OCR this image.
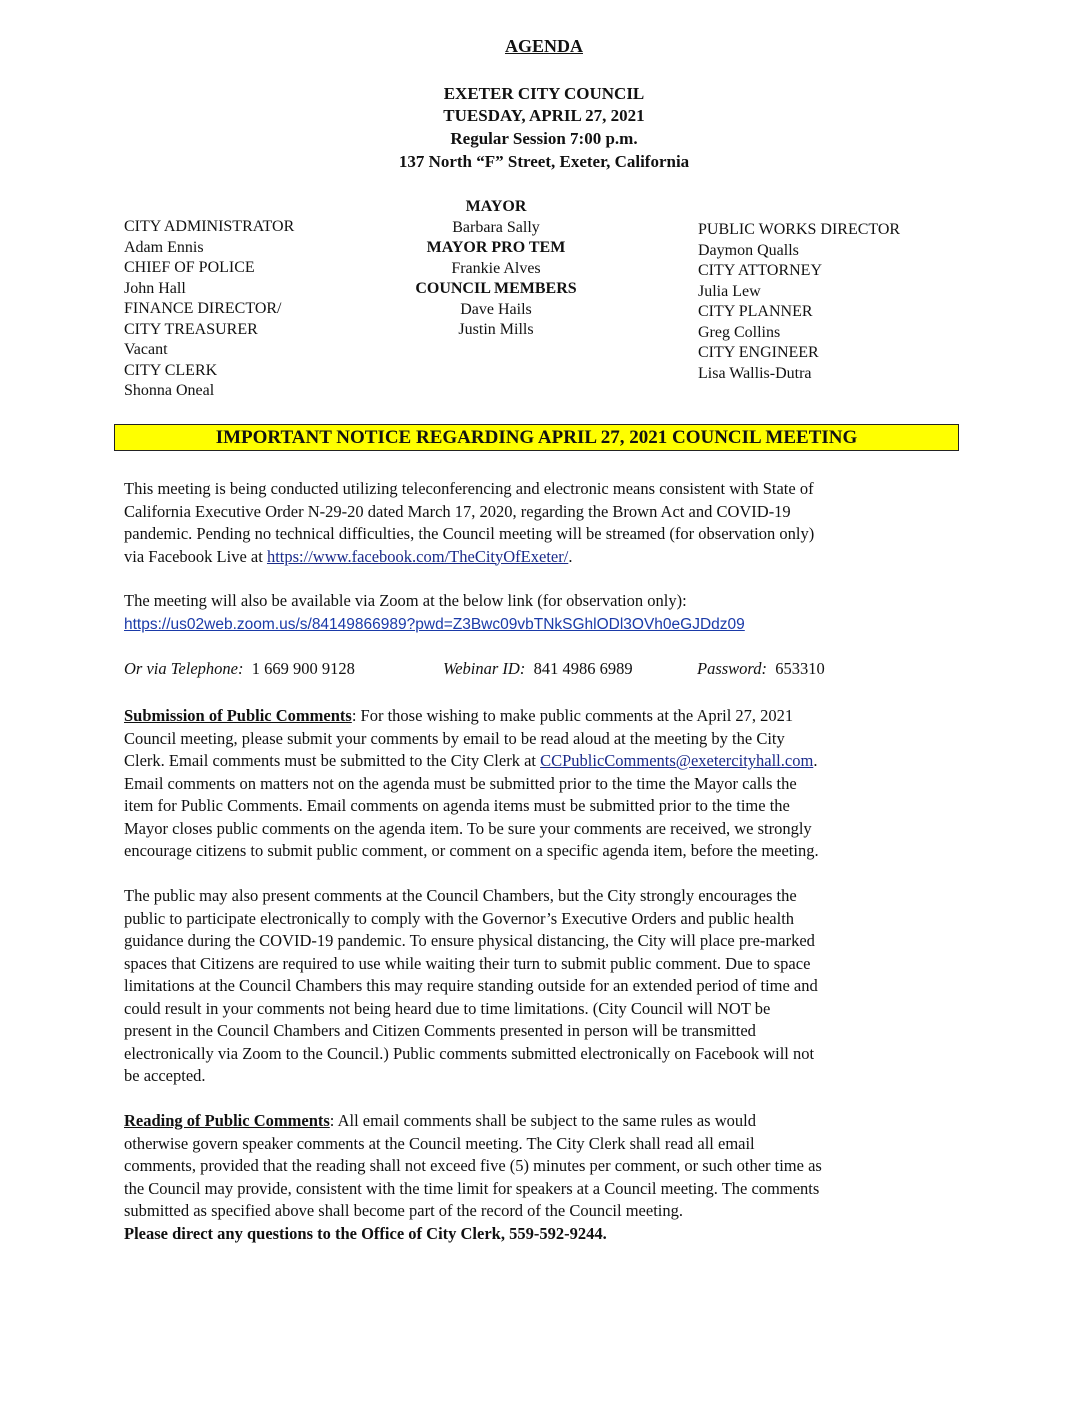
AGENDA
EXETER CITY COUNCIL
TUESDAY, APRIL 27, 2021
Regular Session 7:00 p.m.
137 North “F” Street, Exeter, California
CITY ADMINISTRATOR
Adam Ennis
CHIEF OF POLICE
John Hall
FINANCE DIRECTOR/
CITY TREASURER
Vacant
CITY CLERK
Shonna Oneal
MAYOR
Barbara Sally
MAYOR PRO TEM
Frankie Alves
COUNCIL MEMBERS
Dave Hails
Justin Mills
PUBLIC WORKS DIRECTOR
Daymon Qualls
CITY ATTORNEY
Julia Lew
CITY PLANNER
Greg Collins
CITY ENGINEER
Lisa Wallis-Dutra
IMPORTANT NOTICE REGARDING APRIL 27, 2021 COUNCIL MEETING
This meeting is being conducted utilizing teleconferencing and electronic means consistent with State of
California Executive Order N-29-20 dated March 17, 2020, regarding the Brown Act and COVID-19
pandemic. Pending no technical difficulties, the Council meeting will be streamed (for observation only)
via Facebook Live at https://www.facebook.com/TheCityOfExeter/.
The meeting will also be available via Zoom at the below link (for observation only):
https://us02web.zoom.us/s/84149866989?pwd=Z3Bwc09vbTNkSGhlODl3OVh0eGJDdz09
Or via Telephone: 1 669 900 9128	Webinar ID: 841 4986 6989	Password: 653310
Submission of Public Comments: For those wishing to make public comments at the April 27, 2021
Council meeting, please submit your comments by email to be read aloud at the meeting by the City
Clerk. Email comments must be submitted to the City Clerk at CCPublicComments@exetercityhall.com.
Email comments on matters not on the agenda must be submitted prior to the time the Mayor calls the
item for Public Comments. Email comments on agenda items must be submitted prior to the time the
Mayor closes public comments on the agenda item. To be sure your comments are received, we strongly
encourage citizens to submit public comment, or comment on a specific agenda item, before the meeting.
The public may also present comments at the Council Chambers, but the City strongly encourages the
public to participate electronically to comply with the Governor’s Executive Orders and public health
guidance during the COVID-19 pandemic. To ensure physical distancing, the City will place pre-marked
spaces that Citizens are required to use while waiting their turn to submit public comment. Due to space
limitations at the Council Chambers this may require standing outside for an extended period of time and
could result in your comments not being heard due to time limitations. (City Council will NOT be
present in the Council Chambers and Citizen Comments presented in person will be transmitted
electronically via Zoom to the Council.) Public comments submitted electronically on Facebook will not
be accepted.
Reading of Public Comments: All email comments shall be subject to the same rules as would
otherwise govern speaker comments at the Council meeting. The City Clerk shall read all email
comments, provided that the reading shall not exceed five (5) minutes per comment, or such other time as
the Council may provide, consistent with the time limit for speakers at a Council meeting. The comments
submitted as specified above shall become part of the record of the Council meeting.
Please direct any questions to the Office of City Clerk, 559-592-9244.
